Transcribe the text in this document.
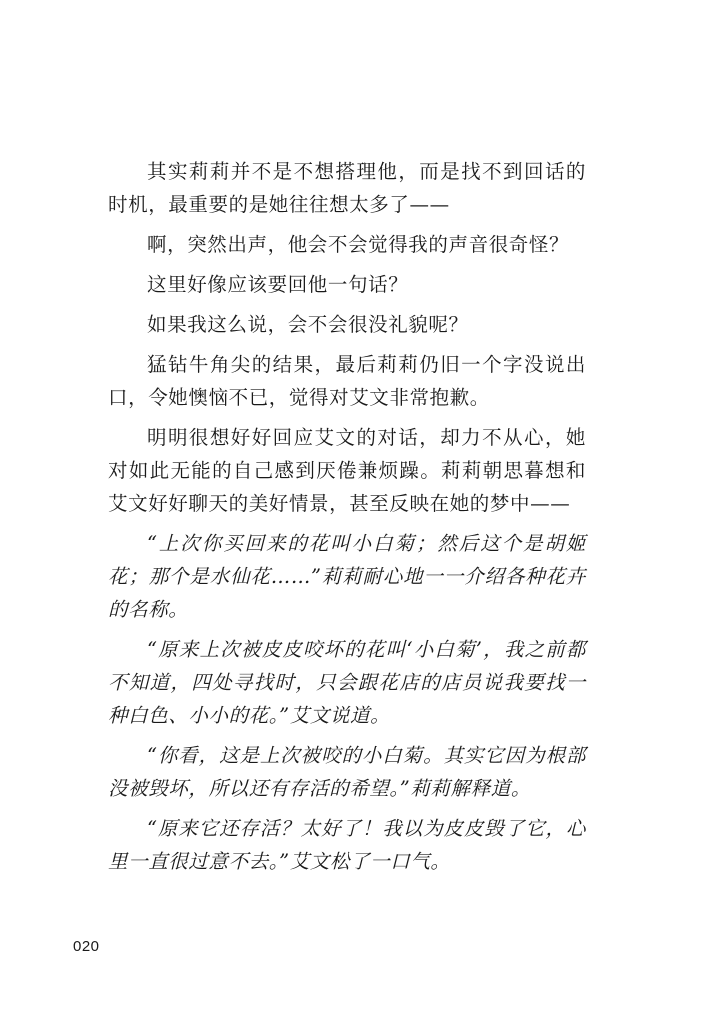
其实莉莉并不是不想搭理他，而是找不到回话的时机，最重要的是她往往想太多了——

啊，突然出声，他会不会觉得我的声音很奇怪？

这里好像应该要回他一句话？

如果我这么说，会不会很没礼貌呢？

猛钻牛角尖的结果，最后莉莉仍旧一个字没说出口，令她懊恼不已，觉得对艾文非常抱歉。

明明很想好好回应艾文的对话，却力不从心，她对如此无能的自己感到厌倦兼烦躁。莉莉朝思暮想和艾文好好聊天的美好情景，甚至反映在她的梦中——

“上次你买回来的花叫小白菊；然后这个是胡姬花；那个是水仙花……”莉莉耐心地一一介绍各种花卉的名称。

“原来上次被皮皮咬坏的花叫‘小白菊’，我之前都不知道，四处寻找时，只会跟花店的店员说我要找一种白色、小小的花。”艾文说道。

“你看，这是上次被咬的小白菊。其实它因为根部没被毁坏，所以还有存活的希望。”莉莉解释道。

“原来它还存活？太好了！我以为皮皮毁了它，心里一直很过意不去。”艾文松了一口气。

020
